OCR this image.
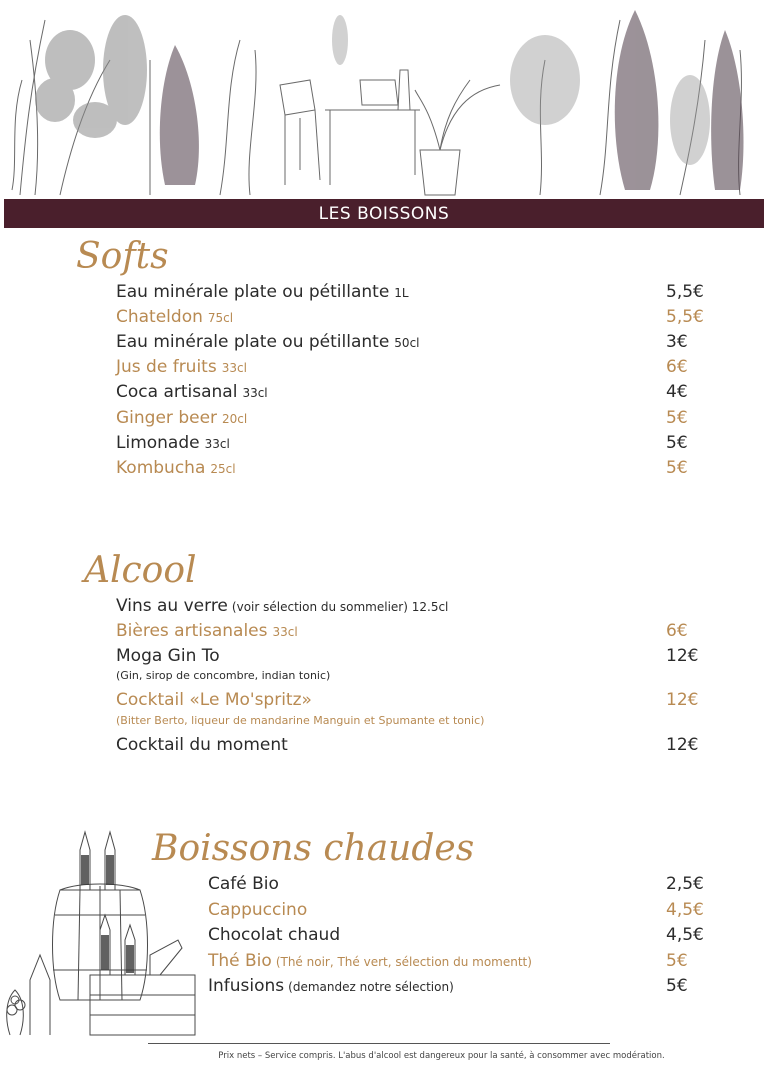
LES BOISSONS
Softs
Eau minérale plate ou pétillante 1L	5,5€
Chateldon 75cl	5,5€
Eau minérale plate ou pétillante 50cl	3€
Jus de fruits 33cl	6€
Coca artisanal 33cl	4€
Ginger beer 20cl	5€
Limonade 33cl	5€
Kombucha 25cl	5€
Alcool
Vins au verre (voir sélection du sommelier) 12.5cl
Bières artisanales 33cl	6€
Moga Gin To	12€
(Gin, sirop de concombre, indian tonic)
Cocktail «Le Mo'spritz»	12€
(Bitter Berto, liqueur de mandarine Manguin et Spumante et tonic)
Cocktail du moment	12€
Boissons chaudes
Café Bio	2,5€
Cappuccino	4,5€
Chocolat chaud	4,5€
Thé Bio (Thé noir, Thé vert, sélection du momentt)	5€
Infusions (demandez notre sélection)	5€
Prix nets – Service compris. L'abus d'alcool est dangereux pour la santé, à consommer avec modération.
